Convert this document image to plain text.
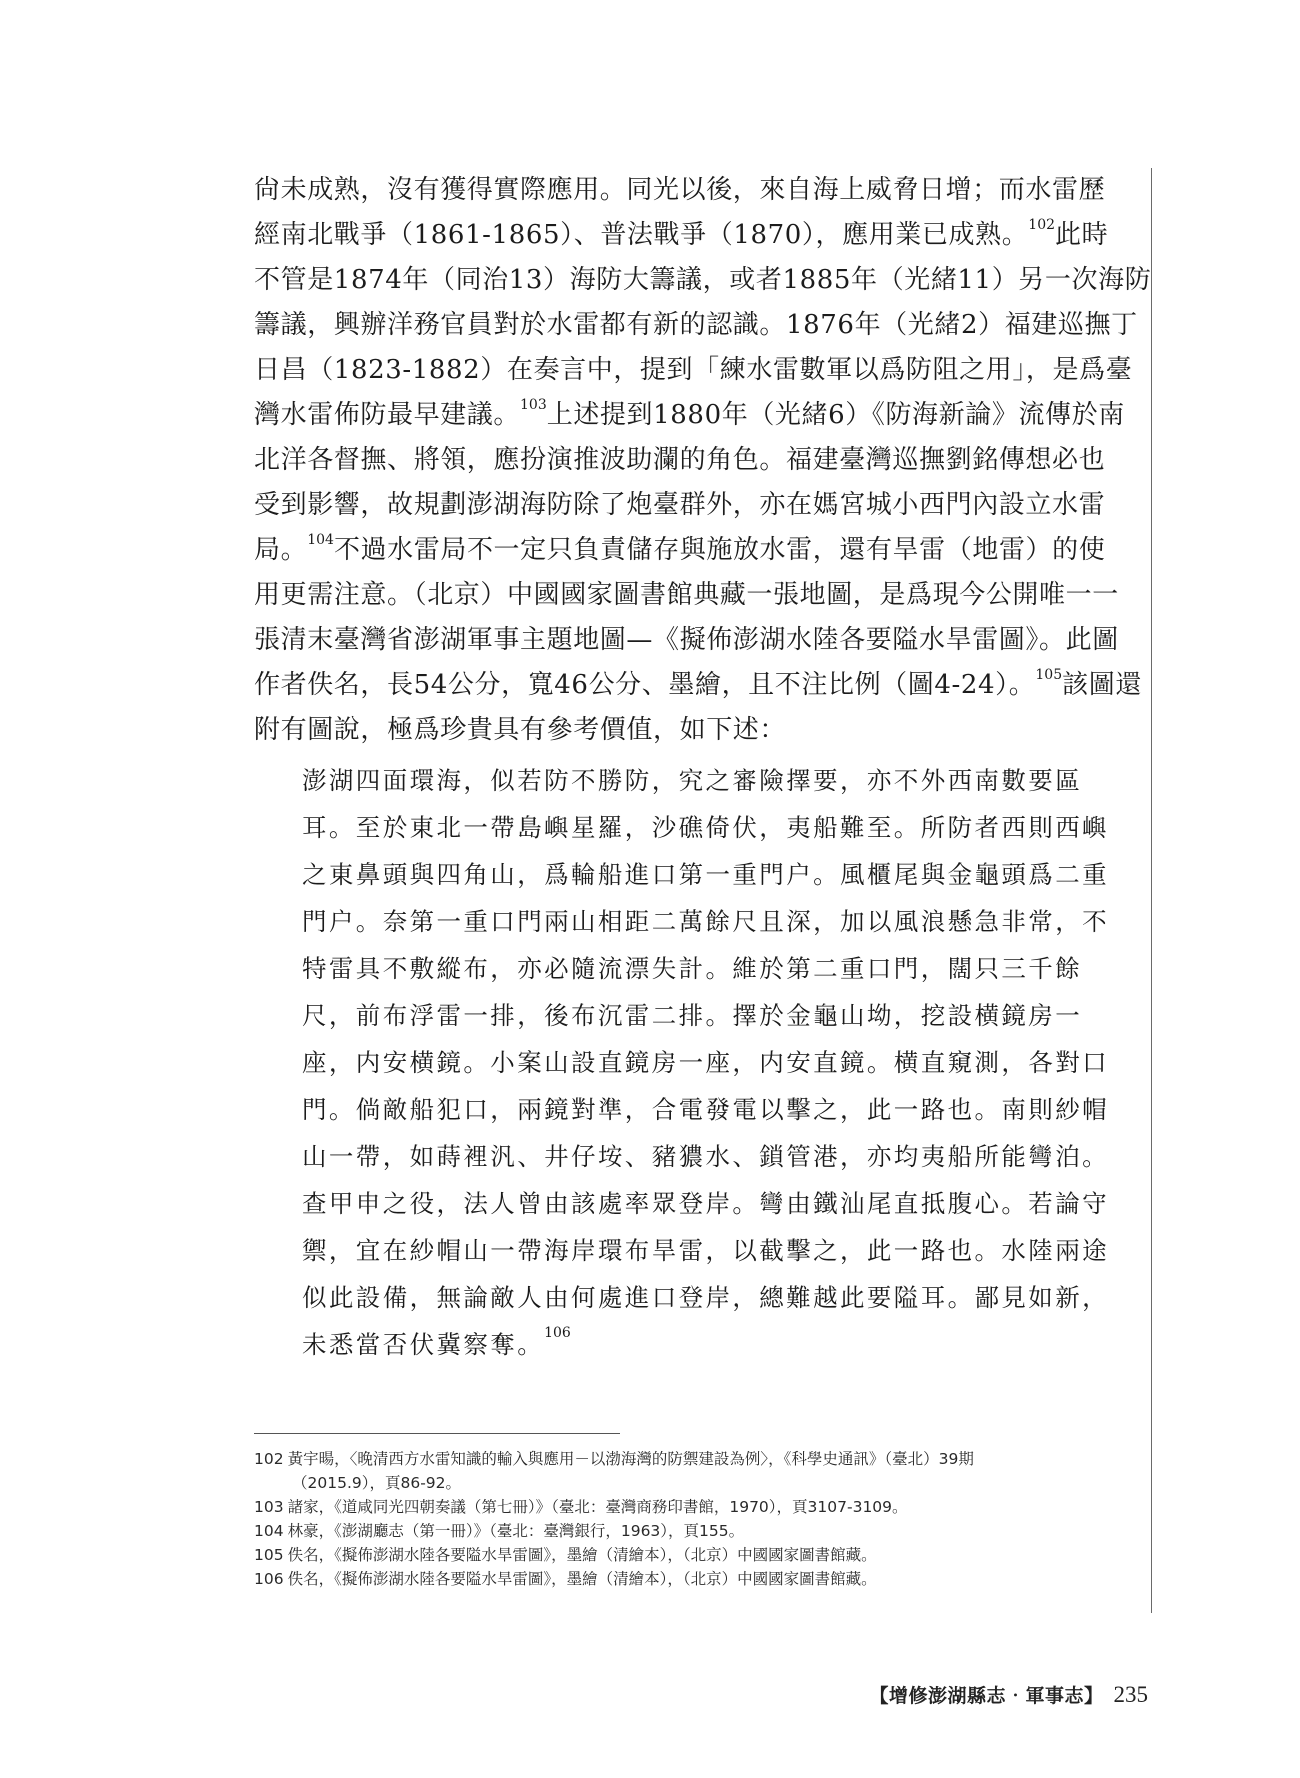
尙未成熟，沒有獲得實際應用。同光以後，來自海上威脅日增；而水雷歷
經南北戰爭（1861-1865）、普法戰爭（1870），應用業已成熟。$^{102}$此時
不管是1874年（同治13）海防大籌議，或者1885年（光緒11）另一次海防
籌議，興辦洋務官員對於水雷都有新的認識。1876年（光緒2）福建巡撫丁
日昌（1823-1882）在奏言中，提到「練水雷數軍以爲防阻之用」，是爲臺
灣水雷佈防最早建議。$^{103}$上述提到1880年（光緒6）《防海新論》流傳於南
北洋各督撫、將領，應扮演推波助瀾的角色。福建臺灣巡撫劉銘傳想必也
受到影響，故規劃澎湖海防除了炮臺群外，亦在媽宮城小西門內設立水雷
局。$^{104}$不過水雷局不一定只負責儲存與施放水雷，還有旱雷（地雷）的使
用更需注意。（北京）中國國家圖書館典藏一張地圖，是爲現今公開唯一一
張清末臺灣省澎湖軍事主題地圖—《擬佈澎湖水陸各要隘水旱雷圖》。此圖
作者佚名，長54公分，寬46公分、墨繪，且不注比例（圖4-24）。$^{105}$該圖還
附有圖說，極爲珍貴具有參考價值，如下述：
澎湖四面環海，似若防不勝防，究之審險擇要，亦不外西南數要區
耳。至於東北一帶島嶼星羅，沙礁倚伏，夷船難至。所防者西則西嶼
之東鼻頭與四角山，爲輪船進口第一重門户。風櫃尾與金龜頭爲二重
門户。奈第一重口門兩山相距二萬餘尺且深，加以風浪懸急非常，不
特雷具不敷縱布，亦必隨流漂失計。維於第二重口門，闊只三千餘
尺，前布浮雷一排，後布沉雷二排。擇於金龜山坳，挖設横鏡房一
座，内安横鏡。小案山設直鏡房一座，内安直鏡。横直窺測，各對口
門。倘敵船犯口，兩鏡對準，合電發電以擊之，此一路也。南則紗帽
山一帶，如蒔裡汎、井仔垵、豬㺜水、鎖管港，亦均夷船所能彎泊。
查甲申之役，法人曾由該處率眾登岸。彎由鐵汕尾直抵腹心。若論守
禦，宜在紗帽山一帶海岸環布旱雷，以截擊之，此一路也。水陸兩途
似此設備，無論敵人由何處進口登岸，總難越此要隘耳。鄙見如新，
未悉當否伏冀察奪。$^{106}$
102 黃宇暘，〈晚清西方水雷知識的輸入與應用－以渤海灣的防禦建設為例〉，《科學史通訊》（臺北）39期
（2015.9），頁86-92。
103 諸家，《道咸同光四朝奏議（第七冊）》（臺北：臺灣商務印書館，1970），頁3107-3109。
104 林豪，《澎湖廳志（第一冊）》（臺北：臺灣銀行，1963），頁155。
105 佚名，《擬佈澎湖水陸各要隘水旱雷圖》，墨繪（清繪本），（北京）中國國家圖書館藏。
106 佚名，《擬佈澎湖水陸各要隘水旱雷圖》，墨繪（清繪本），（北京）中國國家圖書館藏。
【增修澎湖縣志‧軍事志】 235
